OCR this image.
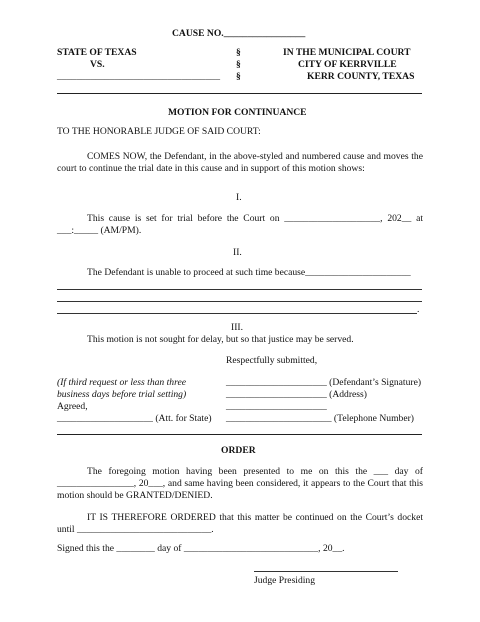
CAUSE NO._________________
STATE OF TEXAS
VS.
__________________________________
§
§
§
IN THE MUNICIPAL COURT
CITY OF KERRVILLE
KERR COUNTY, TEXAS
MOTION FOR CONTINUANCE
TO THE HONORABLE JUDGE OF SAID COURT:
COMES NOW, the Defendant, in the above-styled and numbered cause and moves the court to continue the trial date in this cause and in support of this motion shows:
I.
This cause is set for trial before the Court on ____________________, 202__ at ___:_____ (AM/PM).
II.
The Defendant is unable to proceed at such time because______________________
.
III.
This motion is not sought for delay, but so that justice may be served.
Respectfully submitted,
(If third request or less than three
business days before trial setting)
Agreed,
____________________ (Att. for State)
_____________________ (Defendant’s Signature)
_____________________ (Address)
_____________________
______________________ (Telephone Number)
ORDER
The foregoing motion having been presented to me on this the ___ day of ________________, 20___, and same having been considered, it appears to the Court that this motion should be GRANTED/DENIED.
IT IS THEREFORE ORDERED that this matter be continued on the Court’s docket until ____________________________.
Signed this the ________ day of ____________________________, 20__.
Judge Presiding
